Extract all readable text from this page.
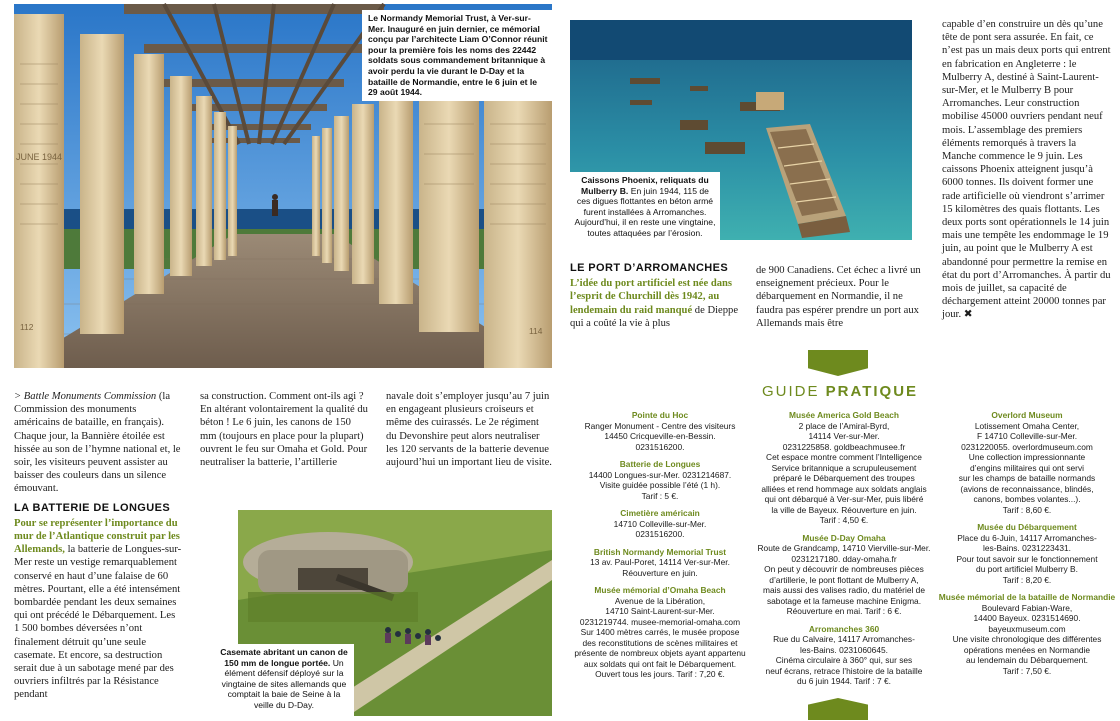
JUNE 1944
112	114
Le Normandy Memorial Trust, à Ver-sur-Mer. Inauguré en juin dernier, ce mémorial conçu par l’architecte Liam O’Connor réunit pour la première fois les noms des 22442 soldats sous commandement britannique à avoir perdu la vie durant le D-Day et la bataille de Normandie, entre le 6 juin et le 29 août 1944.
Caissons Phoenix, reliquats du Mulberry B. En juin 1944, 115 de ces digues flottantes en béton armé furent installées à Arromanches. Aujourd’hui, il en reste une vingtaine, toutes attaquées par l’érosion.
Casemate abritant un canon de 150 mm de longue portée. Un élément défensif déployé sur la vingtaine de sites allemands que comptait la baie de Seine à la veille du D-Day.

> Battle Monuments Commission (la Commission des monuments américains de bataille, en français). Chaque jour, la Bannière étoilée est hissée au son de l’hymne national et, le soir, les visiteurs peuvent assister au baisser des couleurs dans un silence émouvant.

LA BATTERIE DE LONGUES

Pour se représenter l’importance du mur de l’Atlantique construit par les Allemands, la batterie de Longues-sur-Mer reste un vestige remarquablement conservé en haut d’une falaise de 60 mètres. Pourtant, elle a été intensément bombardée pendant les deux semaines qui ont précédé le Débarquement. Les 1 500 bombes déversées n’ont finalement détruit qu’une seule casemate. Et encore, sa destruction serait due à un sabotage mené par des ouvriers infiltrés par la Résistance pendant

sa construction. Comment ont-ils agi ? En altérant volontairement la qualité du béton ! Le 6 juin, les canons de 150 mm (toujours en place pour la plupart) ouvrent le feu sur Omaha et Gold. Pour neutraliser la batterie, l’artillerie

navale doit s’employer jusqu’au 7 juin en engageant plusieurs croiseurs et même des cuirassés. Le 2e régiment du Devonshire peut alors neutraliser les 120 servants de la batterie devenue aujourd’hui un important lieu de visite.

LE PORT D’ARROMANCHES

L’idée du port artificiel est née dans l’esprit de Churchill dès 1942, au lendemain du raid manqué de Dieppe qui a coûté la vie à plus

de 900 Canadiens. Cet échec a livré un enseignement précieux. Pour le débarquement en Normandie, il ne faudra pas espérer prendre un port aux Allemands mais être

capable d’en construire un dès qu’une tête de pont sera assurée. En fait, ce n’est pas un mais deux ports qui entrent en fabrication en Angleterre : le Mulberry A, destiné à Saint-Laurent-sur-Mer, et le Mulberry B pour Arromanches. Leur construction mobilise 45000 ouvriers pendant neuf mois. L’assemblage des premiers éléments remorqués à travers la Manche commence le 9 juin. Les caissons Phoenix atteignent jusqu’à 6000 tonnes. Ils doivent former une rade artificielle où viendront s’arrimer 15 kilomètres des quais flottants. Les deux ports sont opérationnels le 14 juin mais une tempête les endommage le 19 juin, au point que le Mulberry A est abandonné pour permettre la remise en état du port d’Arromanches. À partir du mois de juillet, sa capacité de déchargement atteint 20000 tonnes par jour. ✖

GUIDE PRATIQUE
Pointe du Hoc
Ranger Monument - Centre des visiteurs
14450 Cricqueville-en-Bessin.
0231516200.
Batterie de Longues
14400 Longues-sur-Mer. 0231214687.
Visite guidée possible l’été (1 h).
Tarif : 5 €.
Cimetière américain
14710 Colleville-sur-Mer.
0231516200.
British Normandy Memorial Trust
13 av. Paul-Poret, 14114 Ver-sur-Mer.
Réouverture en juin.
Musée mémorial d’Omaha Beach
Avenue de la Libération,
14710 Saint-Laurent-sur-Mer.
0231219744. musee-memorial-omaha.com
Sur 1400 mètres carrés, le musée propose
des reconstitutions de scènes militaires et
présente de nombreux objets ayant appartenu
aux soldats qui ont fait le Débarquement.
Ouvert tous les jours. Tarif : 7,20 €.
Musée America Gold Beach
2 place de l’Amiral-Byrd,
14114 Ver-sur-Mer.
0231225858. goldbeachmusee.fr
Cet espace montre comment l’Intelligence
Service britannique a scrupuleusement
préparé le Débarquement des troupes
alliées et rend hommage aux soldats anglais
qui ont débarqué à Ver-sur-Mer, puis libéré
la ville de Bayeux. Réouverture en juin.
Tarif : 4,50 €.
Musée D-Day Omaha
Route de Grandcamp, 14710 Vierville-sur-Mer.
0231217180. dday-omaha.fr
On peut y découvrir de nombreuses pièces
d’artillerie, le pont flottant de Mulberry A,
mais aussi des valises radio, du matériel de
sabotage et la fameuse machine Enigma.
Réouverture en mai. Tarif : 6 €.
Arromanches 360
Rue du Calvaire, 14117 Arromanches-
les-Bains. 0231060645.
Cinéma circulaire à 360° qui, sur ses
neuf écrans, retrace l’histoire de la bataille
du 6 juin 1944. Tarif : 7 €.
Overlord Museum
Lotissement Omaha Center,
F 14710 Colleville-sur-Mer.
0231220055. overlordmuseum.com
Une collection impressionnante
d’engins militaires qui ont servi
sur les champs de bataille normands
(avions de reconnaissance, blindés,
canons, bombes volantes...).
Tarif : 8,60 €.
Musée du Débarquement
Place du 6-Juin, 14117 Arromanches-
les-Bains. 0231223431.
Pour tout savoir sur le fonctionnement
du port artificiel Mulberry B.
Tarif : 8,20 €.
Musée mémorial de la bataille de Normandie
Boulevard Fabian-Ware,
14400 Bayeux. 0231514690.
bayeuxmuseum.com
Une visite chronologique des différentes
opérations menées en Normandie
au lendemain du Débarquement.
Tarif : 7,50 €.
